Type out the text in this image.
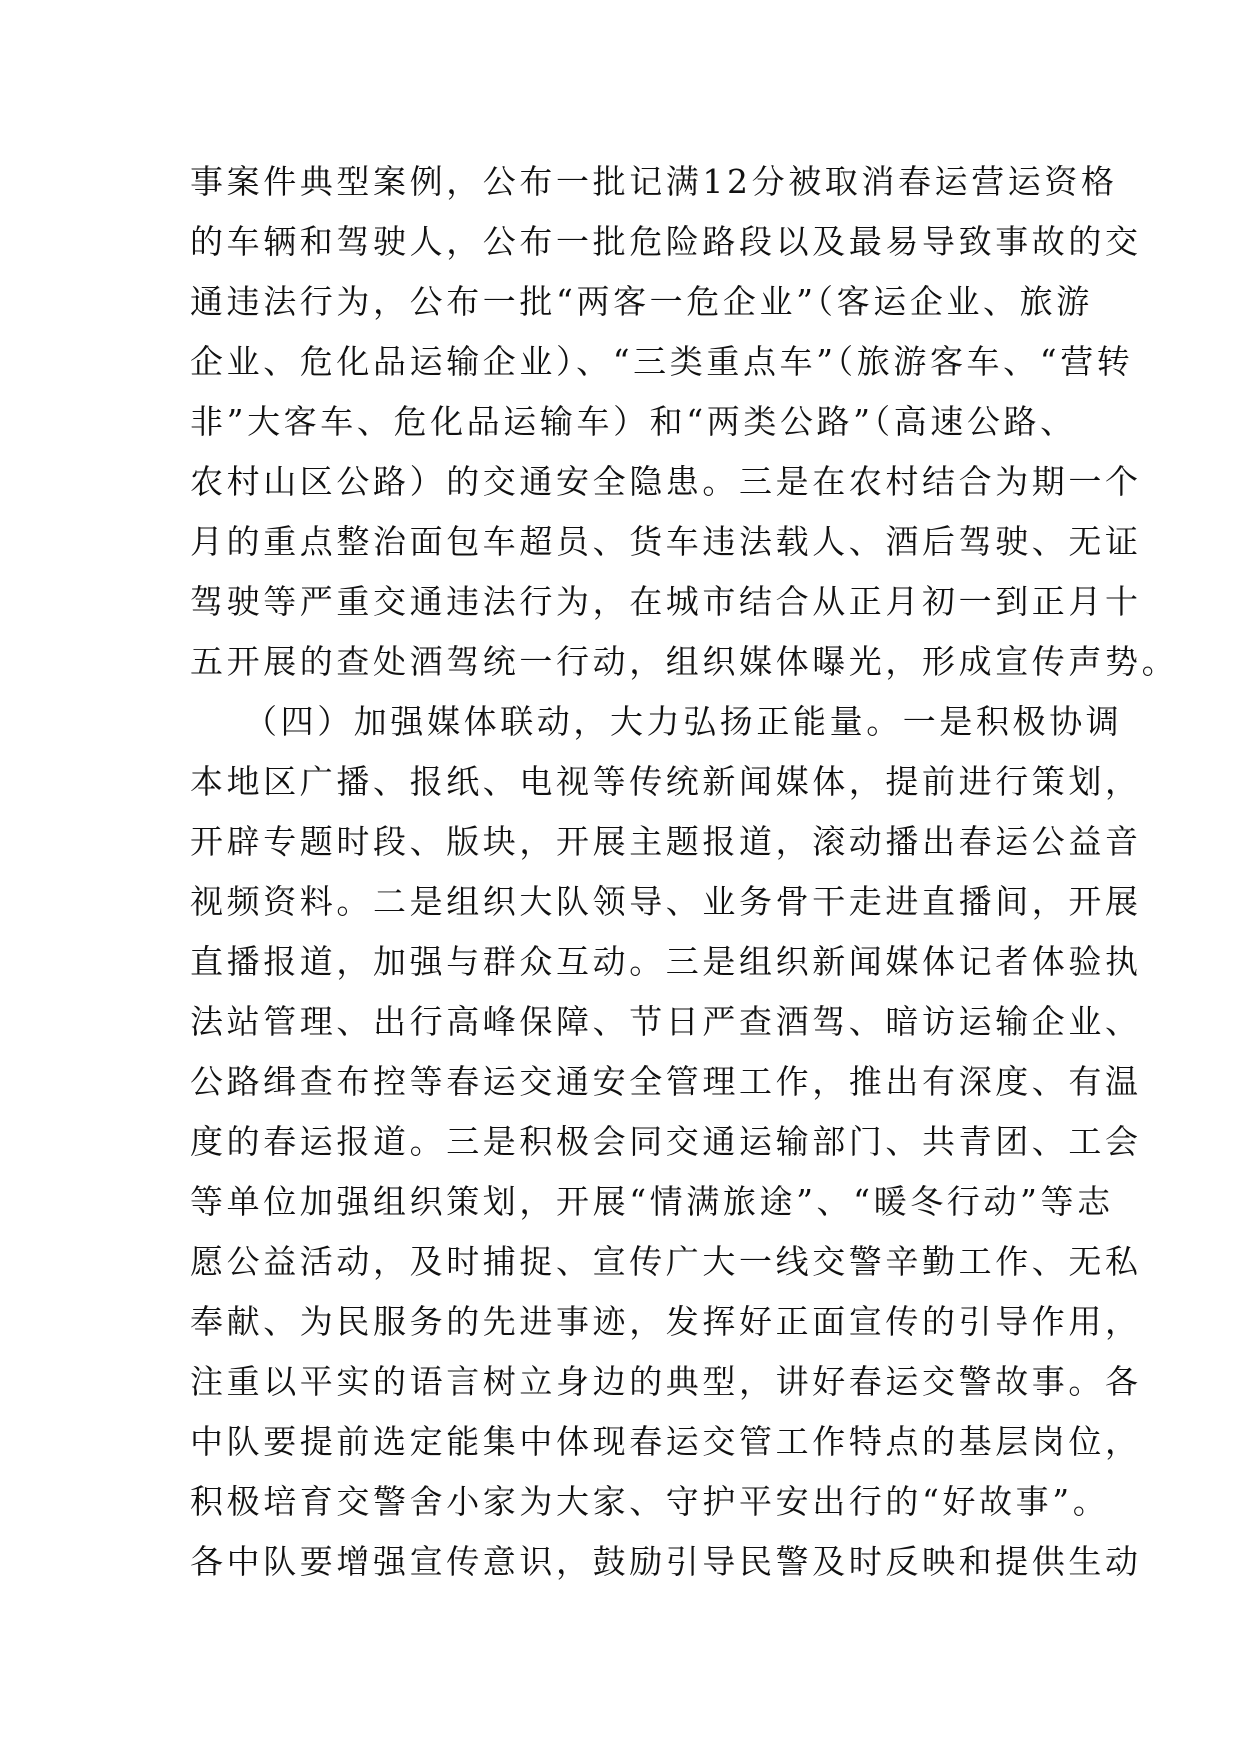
事案件典型案例，公布一批记满12分被取消春运营运资格
的车辆和驾驶人，公布一批危险路段以及最易导致事故的交
通违法行为，公布一批“两客一危企业”（客运企业、旅游
企业、危化品运输企业）、“三类重点车”（旅游客车、“营转
非”大客车、危化品运输车）和“两类公路”（高速公路、
农村山区公路）的交通安全隐患。三是在农村结合为期一个
月的重点整治面包车超员、货车违法载人、酒后驾驶、无证
驾驶等严重交通违法行为，在城市结合从正月初一到正月十
五开展的查处酒驾统一行动，组织媒体曝光，形成宣传声势。
（四）加强媒体联动，大力弘扬正能量。一是积极协调
本地区广播、报纸、电视等传统新闻媒体，提前进行策划，
开辟专题时段、版块，开展主题报道，滚动播出春运公益音
视频资料。二是组织大队领导、业务骨干走进直播间，开展
直播报道，加强与群众互动。三是组织新闻媒体记者体验执
法站管理、出行高峰保障、节日严查酒驾、暗访运输企业、
公路缉查布控等春运交通安全管理工作，推出有深度、有温
度的春运报道。三是积极会同交通运输部门、共青团、工会
等单位加强组织策划，开展“情满旅途”、“暖冬行动”等志
愿公益活动，及时捕捉、宣传广大一线交警辛勤工作、无私
奉献、为民服务的先进事迹，发挥好正面宣传的引导作用，
注重以平实的语言树立身边的典型，讲好春运交警故事。各
中队要提前选定能集中体现春运交管工作特点的基层岗位，
积极培育交警舍小家为大家、守护平安出行的“好故事”。
各中队要增强宣传意识，鼓励引导民警及时反映和提供生动
